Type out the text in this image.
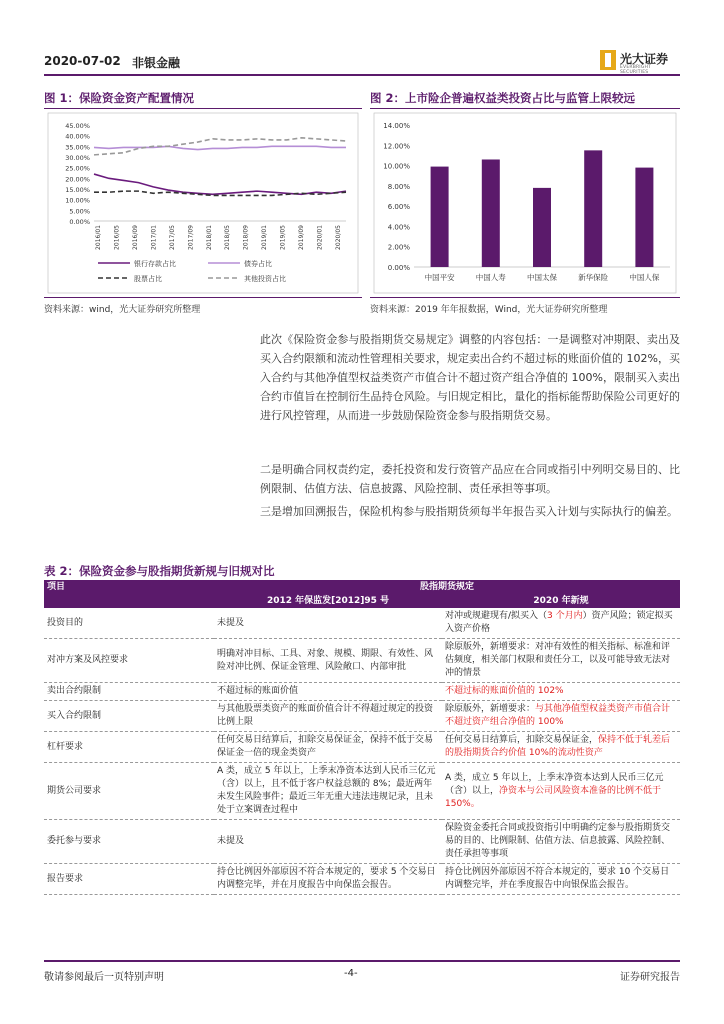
2020-07-02 非银金融	光大证券
EVERBRIGHT SECURITIES
图 1：保险资金资产配置情况
0.00%
5.00%
10.00%
15.00%
20.00%
25.00%
30.00%
35.00%
40.00%
45.00%
2016/01 2016/05 2016/09 2017/01 2017/05 2017/09 2018/01 2018/05 2018/09 2019/01 2019/05 2019/09 2020/01 2020/05
银行存款占比	债券占比
股票占比	其他投资占比
资料来源：wind，光大证券研究所整理
图 2：上市险企普遍权益类投资占比与监管上限较远
0.00%
2.00%
4.00%
6.00%
8.00%
10.00%
12.00%
14.00%
中国平安	中国人寿	中国太保	新华保险	中国人保
资料来源：2019 年年报数据，Wind，光大证券研究所整理

此次《保险资金参与股指期货交易规定》调整的内容包括：一是调整对冲期限、卖出及买入合约限额和流动性管理相关要求，规定卖出合约不超过标的账面价值的 102%，买入合约与其他净值型权益类资产市值合计不超过资产组合净值的 100%，限制买入卖出合约市值旨在控制衍生品持仓风险。与旧规定相比，量化的指标能帮助保险公司更好的进行风控管理，从而进一步鼓励保险资金参与股指期货交易。

二是明确合同权责约定，委托投资和发行资管产品应在合同或指引中列明交易目的、比例限制、估值方法、信息披露、风险控制、责任承担等事项。

三是增加回溯报告，保险机构参与股指期货须每半年报告买入计划与实际执行的偏差。

表 2：保险资金参与股指期货新规与旧规对比
项目	股指期货规定	
	2012 年保监发[2012]95 号	2020 年新规
投资目的	未提及	对冲或规避现有/拟买入（3 个月内）资产风险；锁定拟买入资产价格
对冲方案及风控要求	明确对冲目标、工具、对象、规模、期限、有效性、风险对冲比例、保证金管理、风险敞口、内部审批	除原版外，新增要求：对冲有效性的相关指标、标准和评估频度，相关部门权限和责任分工，以及可能导致无法对冲的情景
卖出合约限制	不超过标的账面价值	不超过标的账面价值的 102%
买入合约限制	与其他股票类资产的账面价值合计不得超过规定的投资比例上限	除原版外，新增要求：与其他净值型权益类资产市值合计不超过资产组合净值的 100%
杠杆要求	任何交易日结算后，扣除交易保证金，保持不低于交易保证金一倍的现金类资产	任何交易日结算后，扣除交易保证金，保持不低于轧差后的股指期货合约价值 10%的流动性资产
期货公司要求	A 类，成立 5 年以上，上季末净资本达到人民币三亿元（含）以上，且不低于客户权益总额的 8%；最近两年未发生风险事件；最近三年无重大违法违规记录，且未处于立案调查过程中	A 类，成立 5 年以上，上季末净资本达到人民币三亿元（含）以上，净资本与公司风险资本准备的比例不低于 150%。
委托参与要求	未提及	保险资金委托合同或投资指引中明确约定参与股指期货交易的目的、比例限制、估值方法、信息披露、风险控制、责任承担等事项
报告要求	持仓比例因外部原因不符合本规定的，要求 5 个交易日内调整完毕，并在月度报告中向保监会报告。	持仓比例因外部原因不符合本规定的，要求 10 个交易日内调整完毕，并在季度报告中向银保监会报告。
敬请参阅最后一页特别声明	-4-	证券研究报告
